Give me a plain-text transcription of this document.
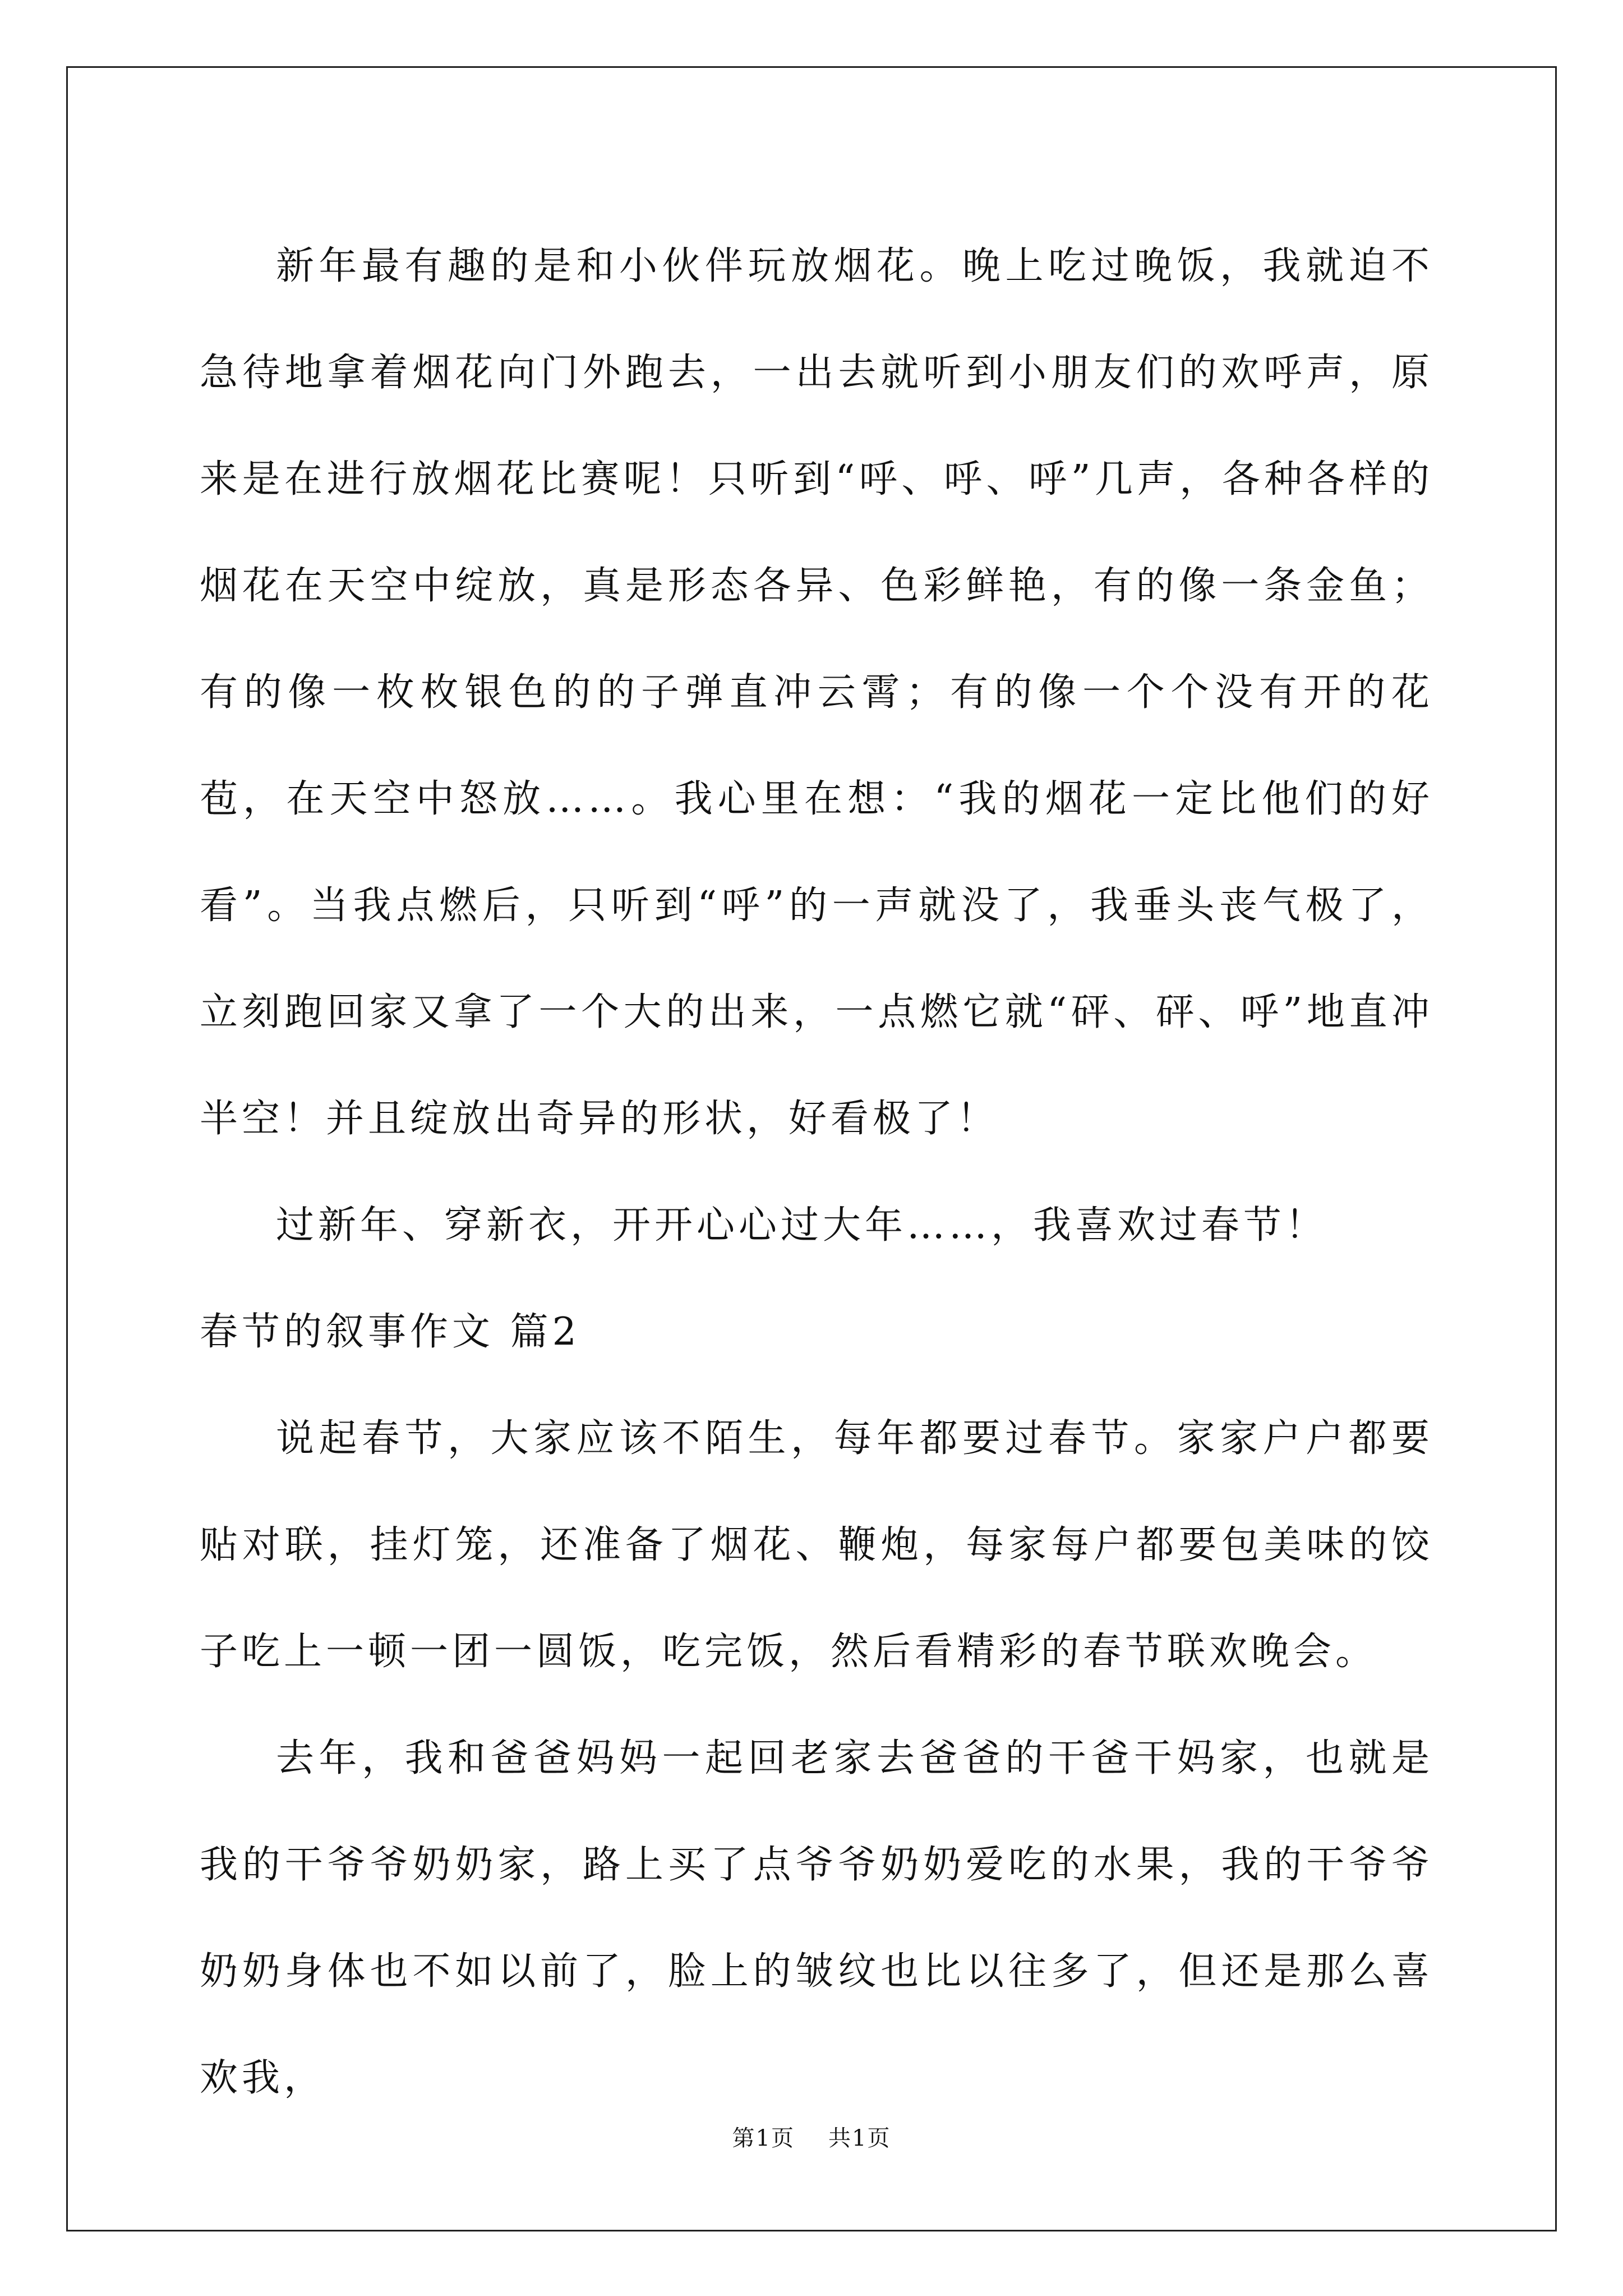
新年最有趣的是和小伙伴玩放烟花。晚上吃过晚饭，我就迫不急待地拿着烟花向门外跑去，一出去就听到小朋友们的欢呼声，原来是在进行放烟花比赛呢！只听到“呼、呼、呼”几声，各种各样的烟花在天空中绽放，真是形态各异、色彩鲜艳，有的像一条金鱼；有的像一枚枚银色的的子弹直冲云霄；有的像一个个没有开的花苞，在天空中怒放……。我心里在想：“我的烟花一定比他们的好看”。当我点燃后，只听到“呼”的一声就没了，我垂头丧气极了，立刻跑回家又拿了一个大的出来，一点燃它就“砰、砰、呼”地直冲半空！并且绽放出奇异的形状，好看极了！

过新年、穿新衣，开开心心过大年……，我喜欢过春节！

春节的叙事作文 篇2

说起春节，大家应该不陌生，每年都要过春节。家家户户都要贴对联，挂灯笼，还准备了烟花、鞭炮，每家每户都要包美味的饺子吃上一顿一团一圆饭，吃完饭，然后看精彩的春节联欢晚会。

去年，我和爸爸妈妈一起回老家去爸爸的干爸干妈家，也就是我的干爷爷奶奶家，路上买了点爷爷奶奶爱吃的水果，我的干爷爷奶奶身体也不如以前了，脸上的皱纹也比以往多了，但还是那么喜欢我，

第1页 共1页
